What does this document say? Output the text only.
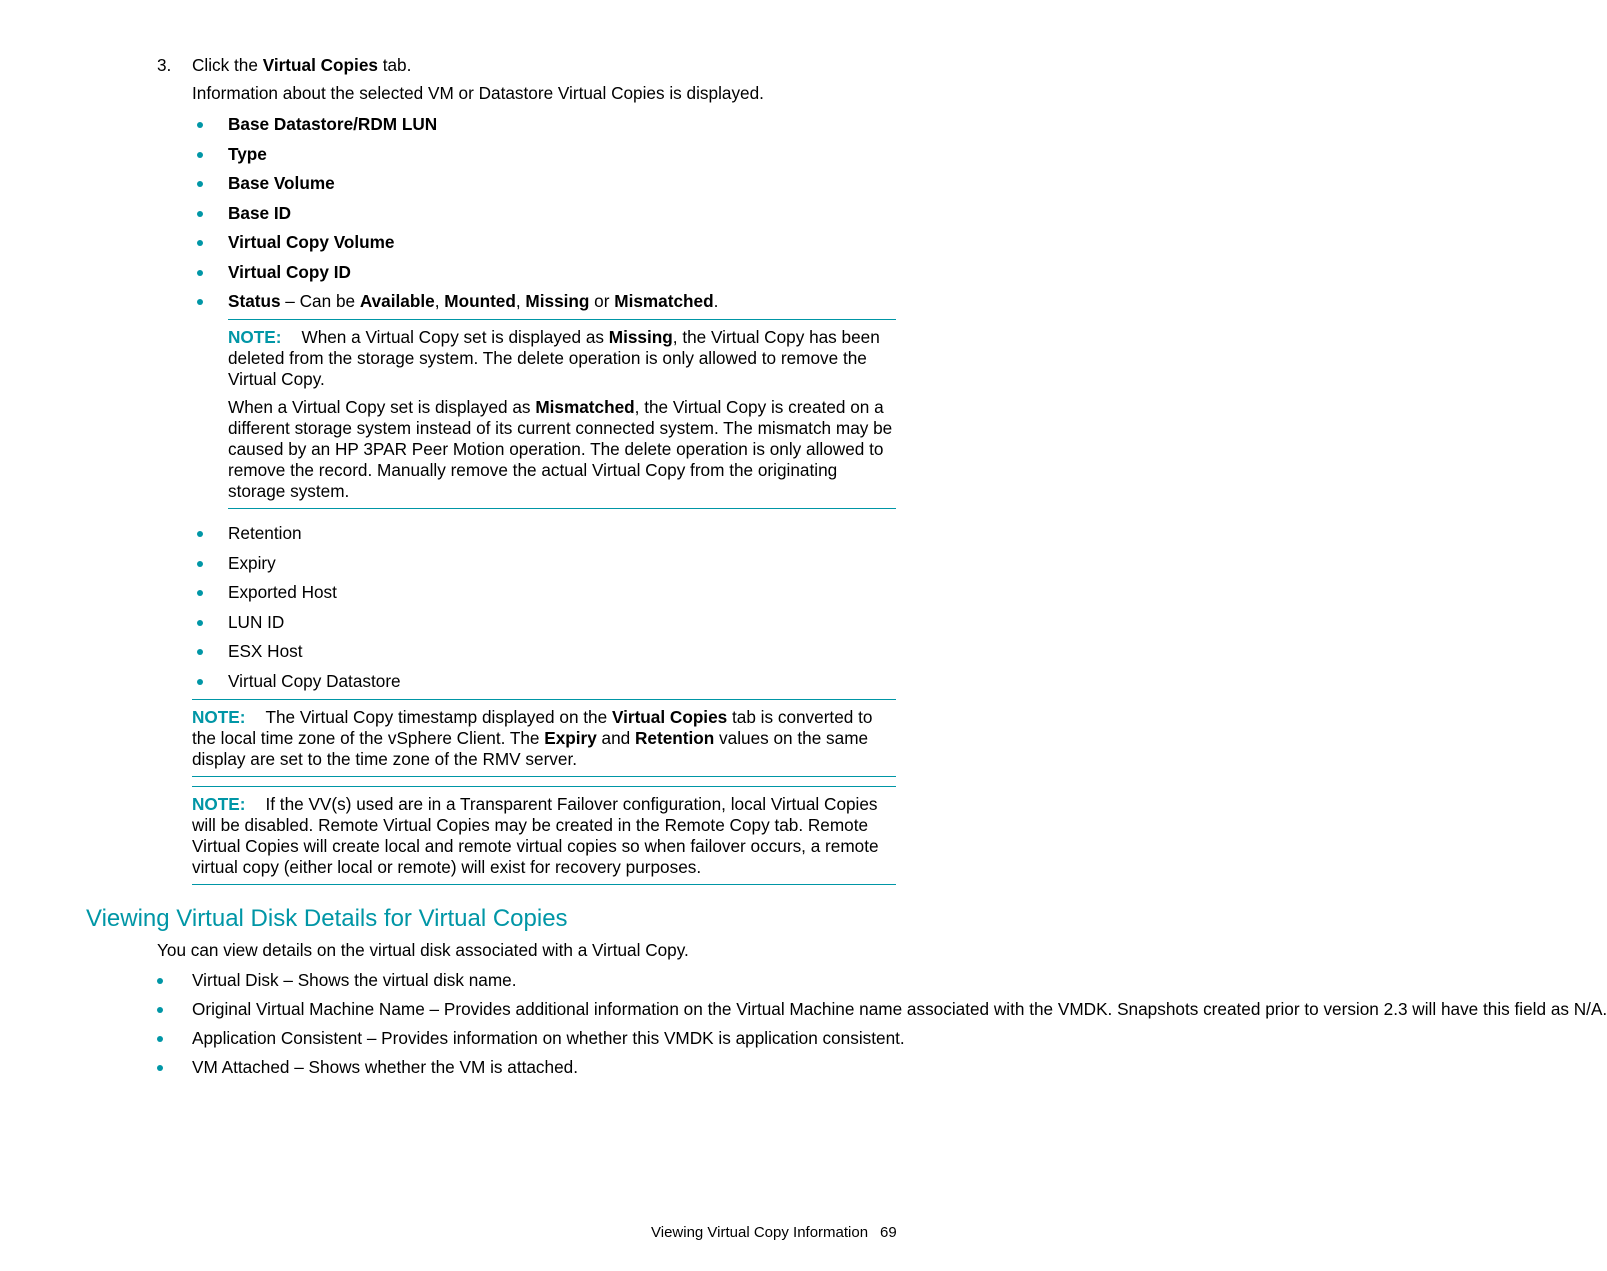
3. Click the Virtual Copies tab.
Information about the selected VM or Datastore Virtual Copies is displayed.
Base Datastore/RDM LUN
Type
Base Volume
Base ID
Virtual Copy Volume
Virtual Copy ID
Status – Can be Available, Mounted, Missing or Mismatched.

NOTE: When a Virtual Copy set is displayed as Missing, the Virtual Copy has been deleted from the storage system. The delete operation is only allowed to remove the Virtual Copy.

When a Virtual Copy set is displayed as Mismatched, the Virtual Copy is created on a different storage system instead of its current connected system. The mismatch may be caused by an HP 3PAR Peer Motion operation. The delete operation is only allowed to remove the record. Manually remove the actual Virtual Copy from the originating storage system.

Retention
Expiry
Exported Host
LUN ID
ESX Host
Virtual Copy Datastore

NOTE: The Virtual Copy timestamp displayed on the Virtual Copies tab is converted to the local time zone of the vSphere Client. The Expiry and Retention values on the same display are set to the time zone of the RMV server.

NOTE: If the VV(s) used are in a Transparent Failover configuration, local Virtual Copies will be disabled. Remote Virtual Copies may be created in the Remote Copy tab. Remote Virtual Copies will create local and remote virtual copies so when failover occurs, a remote virtual copy (either local or remote) will exist for recovery purposes.

Viewing Virtual Disk Details for Virtual Copies
You can view details on the virtual disk associated with a Virtual Copy.
Virtual Disk – Shows the virtual disk name.
Original Virtual Machine Name – Provides additional information on the Virtual Machine name associated with the VMDK. Snapshots created prior to version 2.3 will have this field as N/A.
Application Consistent – Provides information on whether this VMDK is application consistent.
VM Attached – Shows whether the VM is attached.
Viewing Virtual Copy Information 69
